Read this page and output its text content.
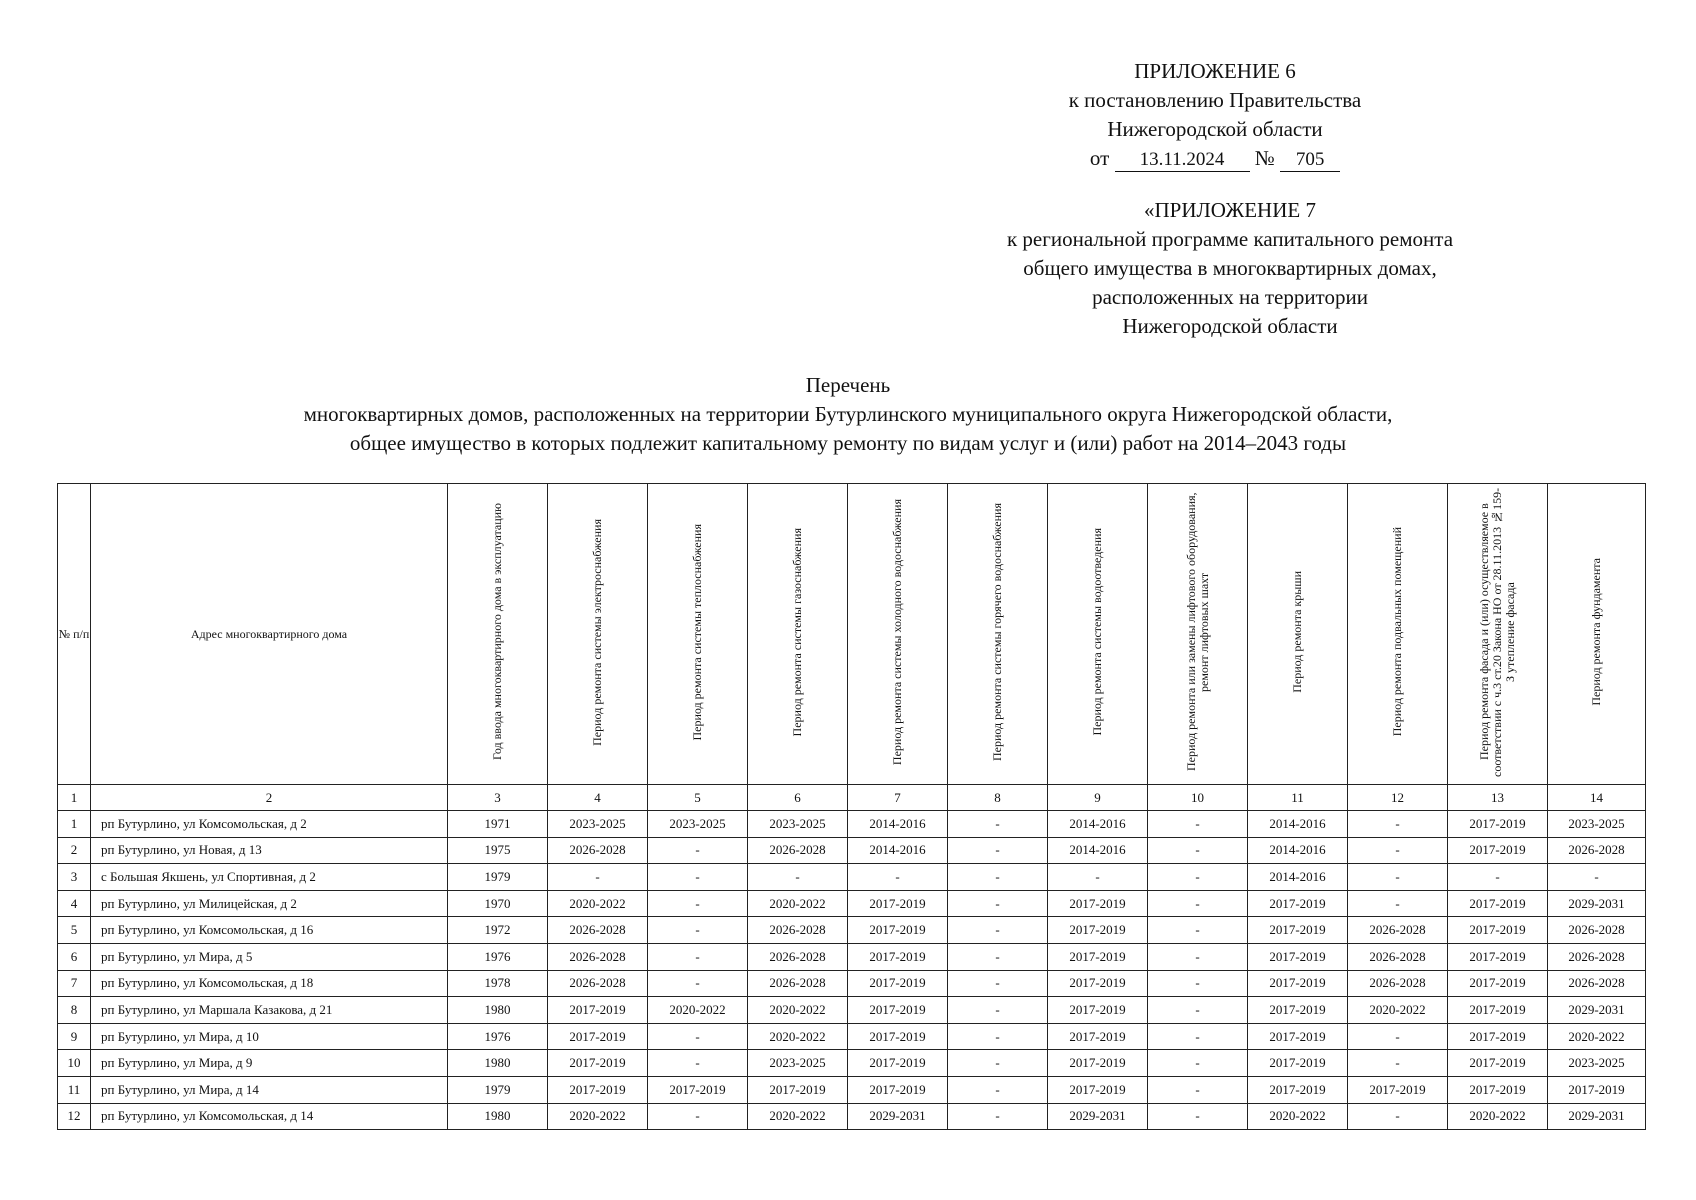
ПРИЛОЖЕНИЕ 6
к постановлению Правительства
Нижегородской области
от 13.11.2024 № 705
«ПРИЛОЖЕНИЕ 7
к региональной программе капитального ремонта
общего имущества в многоквартирных домах,
расположенных на территории
Нижегородской области
Перечень
многоквартирных домов, расположенных на территории Бутурлинского муниципального округа Нижегородской области,
общее имущество в которых подлежит капитальному ремонту по видам услуг и (или) работ на 2014–2043 годы
№ п/п	Адрес многоквартирного дома	Год ввода многоквартирного дома в эксплуатацию	Период ремонта системы электроснабжения	Период ремонта системы теплоснабжения	Период ремонта системы газоснабжения	Период ремонта системы холодного водоснабжения	Период ремонта системы горячего водоснабжения	Период ремонта системы водоотведения	Период ремонта или замены лифтового оборудования, ремонт лифтовых шахт	Период ремонта крыши	Период ремонта подвальных помещений	Период ремонта фасада и (или) осуществляемое в соответствии с ч.3 ст.20 Закона НО от 28.11.2013 №159-З утепление фасада	Период ремонта фундамента
1	2	3	4	5	6	7	8	9	10	11	12	13	14
1	рп Бутурлино, ул Комсомольская, д 2	1971	2023-2025	2023-2025	2023-2025	2014-2016	-	2014-2016	-	2014-2016	-	2017-2019	2023-2025
2	рп Бутурлино, ул Новая, д 13	1975	2026-2028	-	2026-2028	2014-2016	-	2014-2016	-	2014-2016	-	2017-2019	2026-2028
3	с Большая Якшень, ул Спортивная, д 2	1979	-	-	-	-	-	-	-	2014-2016	-	-	-
4	рп Бутурлино, ул Милицейская, д 2	1970	2020-2022	-	2020-2022	2017-2019	-	2017-2019	-	2017-2019	-	2017-2019	2029-2031
5	рп Бутурлино, ул Комсомольская, д 16	1972	2026-2028	-	2026-2028	2017-2019	-	2017-2019	-	2017-2019	2026-2028	2017-2019	2026-2028
6	рп Бутурлино, ул Мира, д 5	1976	2026-2028	-	2026-2028	2017-2019	-	2017-2019	-	2017-2019	2026-2028	2017-2019	2026-2028
7	рп Бутурлино, ул Комсомольская, д 18	1978	2026-2028	-	2026-2028	2017-2019	-	2017-2019	-	2017-2019	2026-2028	2017-2019	2026-2028
8	рп Бутурлино, ул Маршала Казакова, д 21	1980	2017-2019	2020-2022	2020-2022	2017-2019	-	2017-2019	-	2017-2019	2020-2022	2017-2019	2029-2031
9	рп Бутурлино, ул Мира, д 10	1976	2017-2019	-	2020-2022	2017-2019	-	2017-2019	-	2017-2019	-	2017-2019	2020-2022
10	рп Бутурлино, ул Мира, д 9	1980	2017-2019	-	2023-2025	2017-2019	-	2017-2019	-	2017-2019	-	2017-2019	2023-2025
11	рп Бутурлино, ул Мира, д 14	1979	2017-2019	2017-2019	2017-2019	2017-2019	-	2017-2019	-	2017-2019	2017-2019	2017-2019	2017-2019
12	рп Бутурлино, ул Комсомольская, д 14	1980	2020-2022	-	2020-2022	2029-2031	-	2029-2031	-	2020-2022	-	2020-2022	2029-2031
